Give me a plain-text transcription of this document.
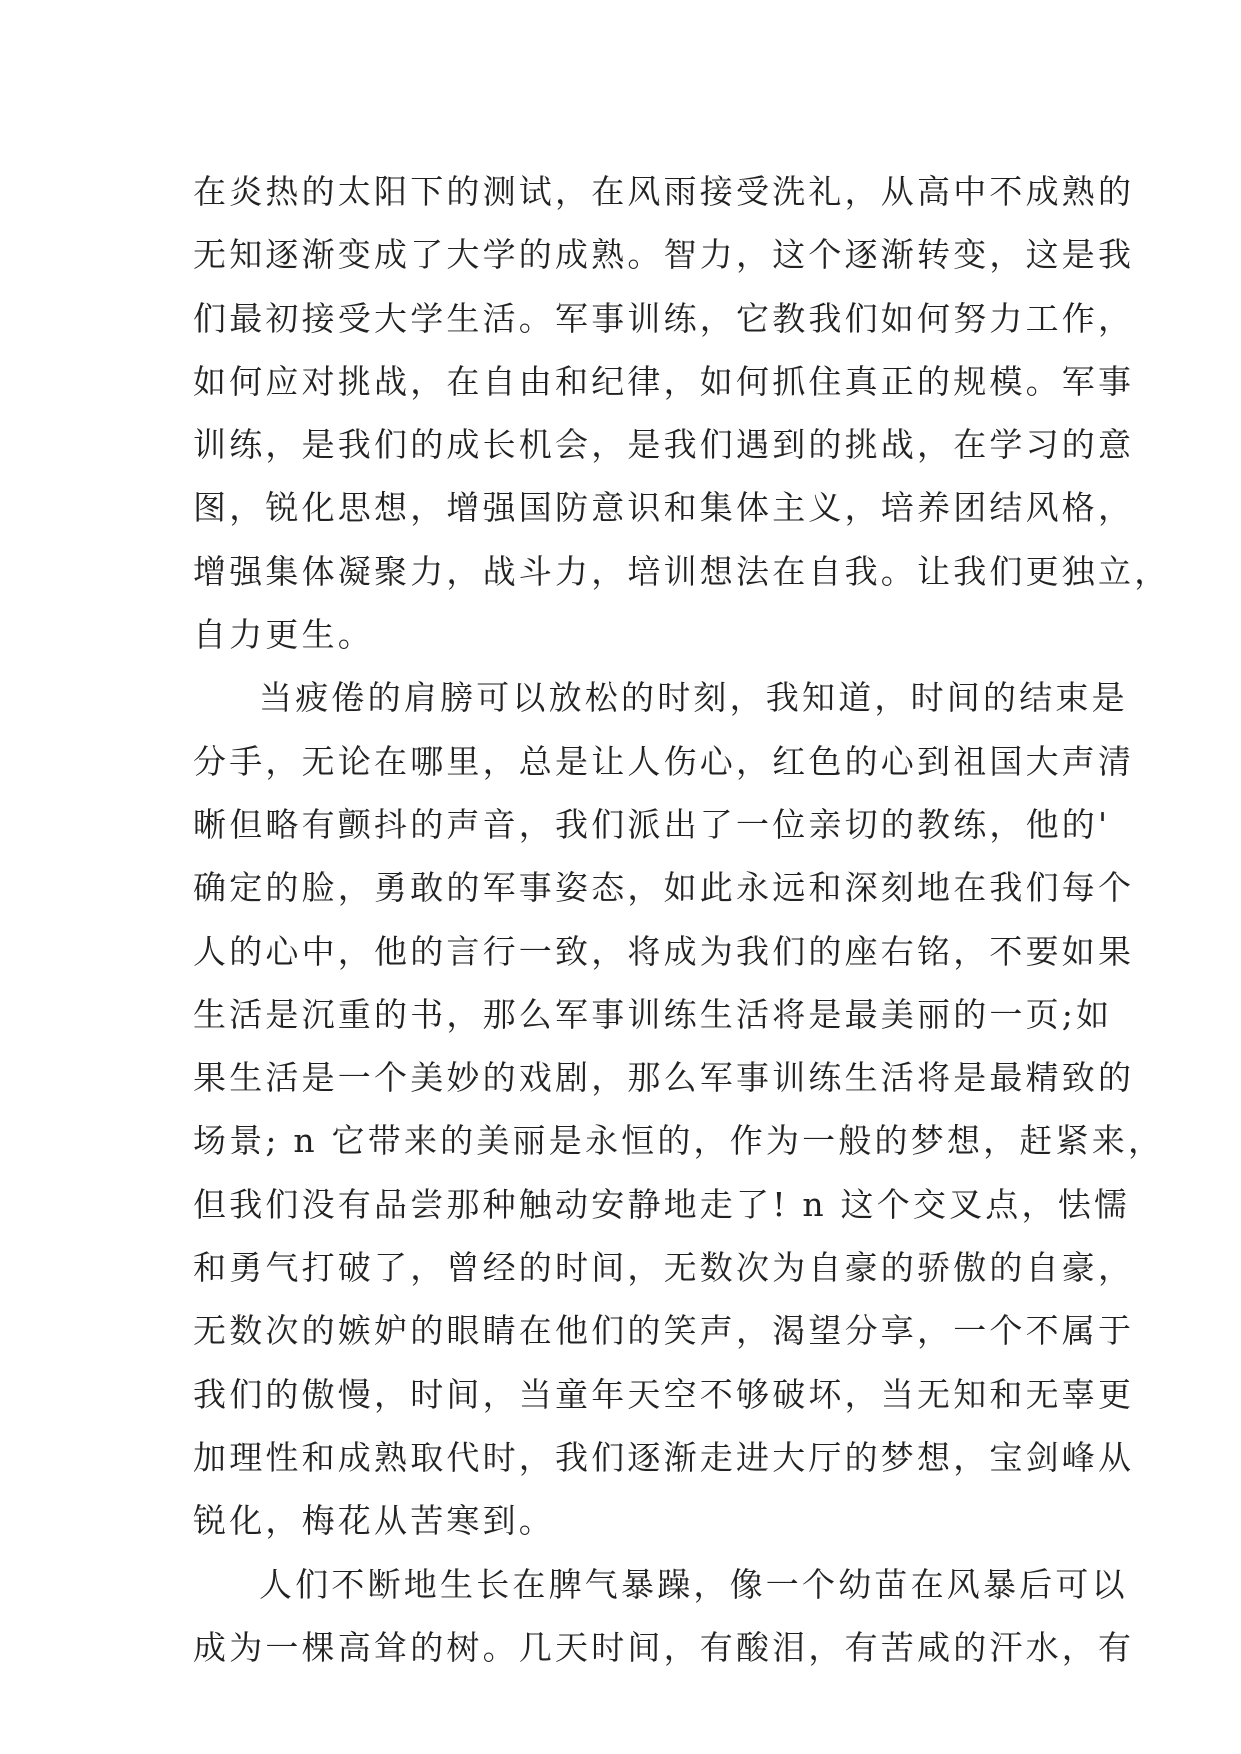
在炎热的太阳下的测试，在风雨接受洗礼，从高中不成熟的
无知逐渐变成了大学的成熟。智力，这个逐渐转变，这是我
们最初接受大学生活。军事训练，它教我们如何努力工作，
如何应对挑战，在自由和纪律，如何抓住真正的规模。军事
训练，是我们的成长机会，是我们遇到的挑战，在学习的意
图，锐化思想，增强国防意识和集体主义，培养团结风格，
增强集体凝聚力，战斗力，培训想法在自我。让我们更独立，
自力更生。
当疲倦的肩膀可以放松的时刻，我知道，时间的结束是
分手，无论在哪里，总是让人伤心，红色的心到祖国大声清
晰但略有颤抖的声音，我们派出了一位亲切的教练，他的'
确定的脸，勇敢的军事姿态，如此永远和深刻地在我们每个
人的心中，他的言行一致，将成为我们的座右铭，不要如果
生活是沉重的书，那么军事训练生活将是最美丽的一页;如
果生活是一个美妙的戏剧，那么军事训练生活将是最精致的
场景; n 它带来的美丽是永恒的，作为一般的梦想，赶紧来，
但我们没有品尝那种触动安静地走了! n 这个交叉点，怯懦
和勇气打破了，曾经的时间，无数次为自豪的骄傲的自豪，
无数次的嫉妒的眼睛在他们的笑声，渴望分享，一个不属于
我们的傲慢，时间，当童年天空不够破坏，当无知和无辜更
加理性和成熟取代时，我们逐渐走进大厅的梦想，宝剑峰从
锐化，梅花从苦寒到。
人们不断地生长在脾气暴躁，像一个幼苗在风暴后可以
成为一棵高耸的树。几天时间，有酸泪，有苦咸的汗水，有
